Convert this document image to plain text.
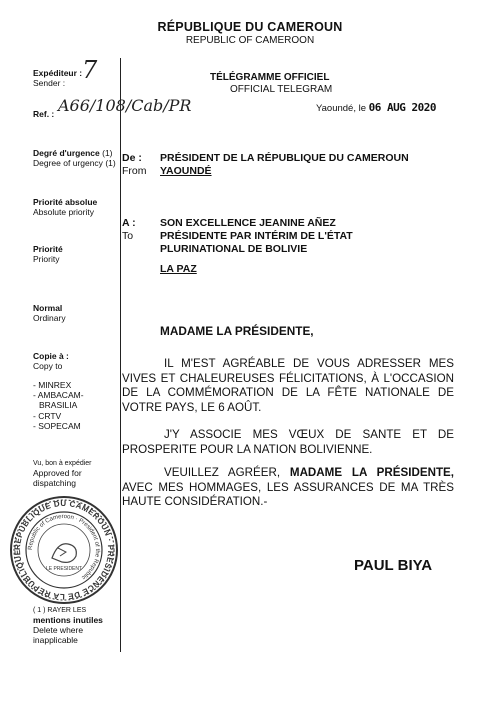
RÉPUBLIQUE DU CAMEROUN
REPUBLIC OF CAMEROON
Expéditeur :
Sender : 7
Ref. : A66/108/Cab/PR
Degré d'urgence (1)
Degree of urgency (1)
Priorité absolue
Absolute priority
Priorité
Priority
Normal
Ordinary
Copie à :
Copy to
- MINREX
- AMBACAM-
BRASILIA
- CRTV
- SOPECAM
Vu, bon à expédier
Approved for
dispatching
REPUBLIQUE DU CAMEROUN · PRESIDENCE DE LA REPUBLIQUE
Republic of Cameroon · President of the Republic
LE PRESIDENT
( 1 ) RAYER LES
mentions inutiles
Delete where
inapplicable
TÉLÉGRAMME OFFICIEL
OFFICIAL TELEGRAM
Yaoundé, le 06 AUG 2020
De :
From
PRÉSIDENT DE LA RÉPUBLIQUE DU CAMEROUN
YAOUNDÉ
A :
To
SON EXCELLENCE JEANINE AÑEZ
PRÉSIDENTE PAR INTÉRIM DE L'ÉTAT
PLURINATIONAL DE BOLIVIE
LA PAZ
MADAME LA PRÉSIDENTE,
IL M'EST AGRÉABLE DE VOUS ADRESSER MES VIVES ET CHALEUREUSES FÉLICITATIONS, À L'OCCASION DE LA COMMÉMORATION DE LA FÊTE NATIONALE DE VOTRE PAYS, LE 6 AOÛT.
J'Y ASSOCIE MES VŒUX DE SANTE ET DE PROSPERITE POUR LA NATION BOLIVIENNE.
VEUILLEZ AGRÉER, MADAME LA PRÉSIDENTE, AVEC MES HOMMAGES, LES ASSURANCES DE MA TRÈS HAUTE CONSIDÉRATION.-
PAUL BIYA
